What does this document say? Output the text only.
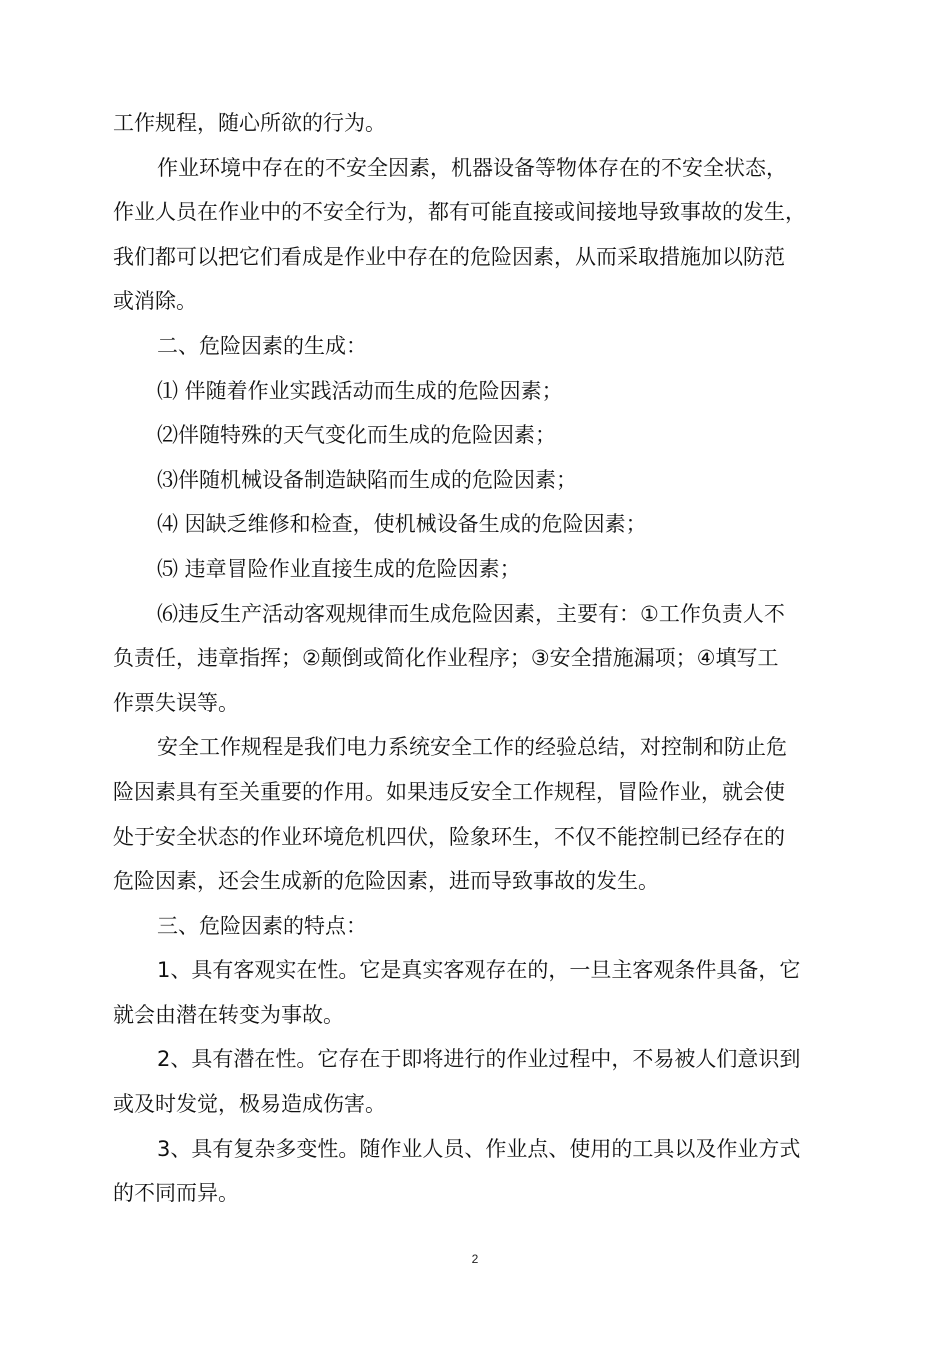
工作规程，随心所欲的行为。
作业环境中存在的不安全因素，机器设备等物体存在的不安全状态，
作业人员在作业中的不安全行为，都有可能直接或间接地导致事故的发生，
我们都可以把它们看成是作业中存在的危险因素，从而采取措施加以防范
或消除。
二、危险因素的生成：
⑴ 伴随着作业实践活动而生成的危险因素；
⑵伴随特殊的天气变化而生成的危险因素；
⑶伴随机械设备制造缺陷而生成的危险因素；
⑷ 因缺乏维修和检查，使机械设备生成的危险因素；
⑸ 违章冒险作业直接生成的危险因素；
⑹违反生产活动客观规律而生成危险因素，主要有：①工作负责人不
负责任，违章指挥；②颠倒或简化作业程序；③安全措施漏项；④填写工
作票失误等。
安全工作规程是我们电力系统安全工作的经验总结，对控制和防止危
险因素具有至关重要的作用。如果违反安全工作规程，冒险作业，就会使
处于安全状态的作业环境危机四伏，险象环生，不仅不能控制已经存在的
危险因素，还会生成新的危险因素，进而导致事故的发生。
三、危险因素的特点：
1、具有客观实在性。它是真实客观存在的，一旦主客观条件具备，它
就会由潜在转变为事故。
2、具有潜在性。它存在于即将进行的作业过程中，不易被人们意识到
或及时发觉，极易造成伤害。
3、具有复杂多变性。随作业人员、作业点、使用的工具以及作业方式
的不同而异。
2
